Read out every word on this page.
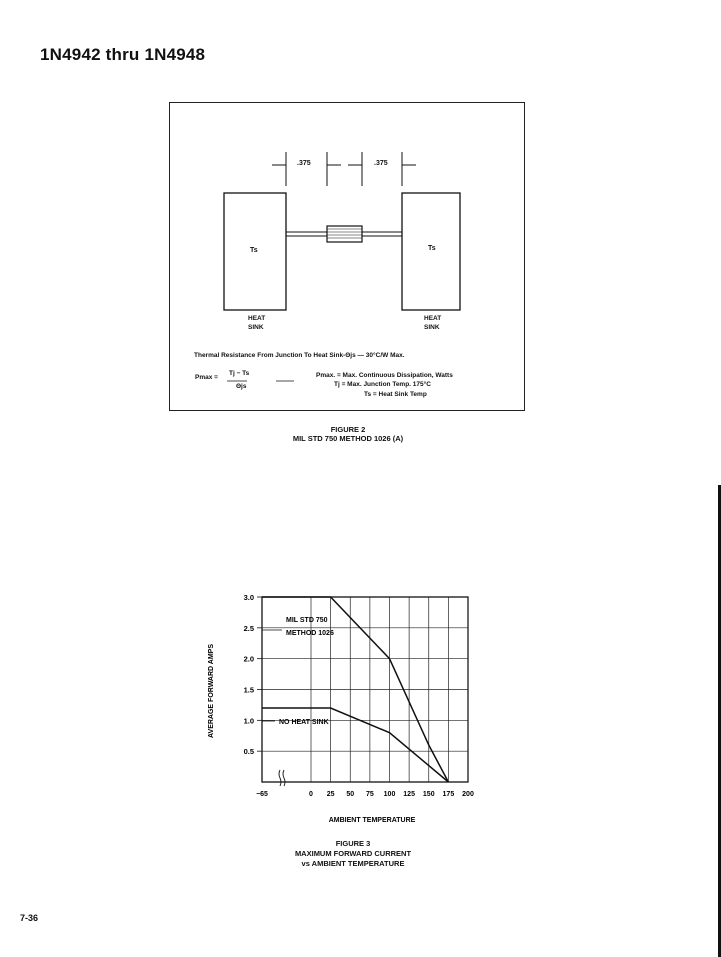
1N4942 thru 1N4948
.375	.375
Ts	Ts
HEAT
SINK
HEAT
SINK
Thermal Resistance From Junction To Heat Sink-Θjs — 30°C/W Max.
Pmax =
Tj − Ts
Θjs
Pmax. = Max. Continuous Dissipation, Watts
Tj = Max. Junction Temp. 175°C
Ts = Heat Sink Temp
FIGURE 2
MIL STD 750 METHOD 1026 (A)
3.0
2.5
2.0
1.5
1.0
0.5
−65	0 25 50 75 100 125 150 175 200
MIL STD 750
METHOD 1026
NO HEAT SINK
AMBIENT TEMPERATURE
AVERAGE FORWARD AMPS
FIGURE 3
MAXIMUM FORWARD CURRENT
vs AMBIENT TEMPERATURE
7-36
